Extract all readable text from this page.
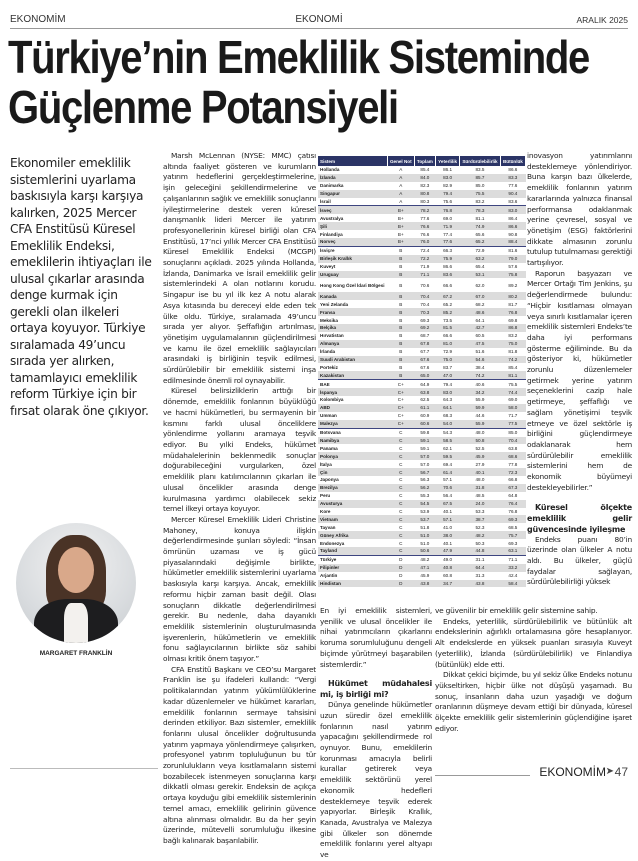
EKONOMİM	EKONOMİ	ARALIK 2025
Türkiye’nin Emeklilik Sisteminde
Güçlenme Potansiyeli
Ekonomiler emeklilik sistemlerini uyarlama baskısıyla karşı karşıya kalırken, 2025 Mercer CFA Enstitüsü Küresel Emeklilik Endeksi, emeklilerin ihtiyaçları ile ulusal çıkarlar arasında denge kurmak için gerekli olan ilkeleri ortaya koyuyor. Türkiye sıralamada 49’uncu sırada yer alırken, tamamlayıcı emeklilik reform Türkiye için bir fırsat olarak öne çıkıyor.
MARGARET FRANKLİN

Marsh McLennan (NYSE: MMC) çatısı altında faaliyet gösteren ve kurumların yatırım hedeflerini gerçekleştirmelerine, işin geleceğini şekillendirmelerine ve çalışanlarının sağlık ve emeklilik sonuçlarını iyileştirmelerine destek veren küresel danışmanlık lideri Mercer ile yatırım profesyonellerinin küresel birliği olan CFA Enstitüsü, 17’nci yıllık Mercer CFA Enstitüsü Küresel Emeklilik Endeksi (MCGPI) sonuçlarını açıkladı. 2025 yılında Hollanda, İzlanda, Danimarka ve İsrail emeklilik gelir sistemlerindeki A olan notlarını korudu. Singapur ise bu yıl ilk kez A notu alarak Asya kıtasında bu dereceyi elde eden tek ülke oldu. Türkiye, sıralamada 49’uncu sırada yer alıyor. Şeffaflığın artırılması, yönetişim uygulamalarının güçlendirilmesi ve kamu ile özel emeklilik sağlayıcıları arasındaki iş birliğinin teşvik edilmesi, sürdürülebilir bir emeklilik sistemi inşa edilmesinde önemli rol oynayabilir.

Küresel belirsizliklerin arttığı bir dönemde, emeklilik fonlarının büyüklüğü ve hacmi hükümetleri, bu sermayenin bir kısmını farklı ulusal önceliklere yönlendirme yollarını aramaya teşvik ediyor. Bu yılki Endeks, hükümet müdahalelerinin beklenmedik sonuçlar doğurabileceğini vurgularken, özel emeklilik planı katılımcılarının çıkarları ile ulusal öncelikler arasında denge kurulmasına yardımcı olabilecek sekiz temel ilkeyi ortaya koyuyor.

Mercer Küresel Emeklilik Lideri Christine Mahoney, konuya ilişkin değerlendirmesinde şunları söyledi: “İnsan ömrünün uzaması ve iş gücü piyasalarındaki değişimle birlikte, hükümetler emeklilik sistemlerini uyarlama baskısıyla karşı karşıya. Ancak, emeklilik reformu hiçbir zaman basit değil. Olası sonuçların dikkatle değerlendirilmesi gerekir. Bu nedenle, daha dayanıklı emeklilik sistemlerinin oluşturulmasında işverenlerin, hükümetlerin ve emeklilik fonu sağlayıcılarının birlikte söz sahibi olması kritik önem taşıyor.”

CFA Enstitü Başkanı ve CEO’su Margaret Franklin ise şu ifadeleri kullandı: “Vergi politikalarından yatırım yükümlülüklerine kadar düzenlemeler ve hükümet kararları, emeklilik fonlarının sermaye tahsisini derinden etkiliyor. Bazı sistemler, emeklilik fonlarını ulusal öncelikler doğrultusunda yatırım yapmaya yönlendirmeye çalışırken, profesyonel yatırım topluluğunun bu tür zorunlulukların veya kısıtlamaların sistemi bozabilecek istenmeyen sonuçlarına karşı dikkatli olması gerekir. Endeksin de açıkça ortaya koyduğu gibi emeklilik sistemlerinin temel amacı, emeklilik gelirinin güvence altına alınması olmalıdır. Bu da her şeyin üzerinde, mütevelli sorumluluğu ilkesine bağlı kalınarak başarılabilir.

Sistem	Genel Not	Toplam	Yeterlilik	Sürdürülebilirlik	Bütünlük
Hollanda	A	85.4	86.1	83.5	86.6
İzlanda	A	84.0	83.0	85.7	83.3
Danimarka	A	82.3	82.9	85.0	77.6
Singapur	A	80.8	79.4	75.5	90.4
İsrail	A	80.3	75.6	83.2	83.6
İsveç	B+	78.2	76.8	78.3	83.0
Avustralya	B+	77.6	69.0	81.1	86.4
Şili	B+	76.6	71.9	74.9	86.6
Finlandiya	B+	76.6	77.4	65.6	90.8
Norveç	B+	76.0	77.6	65.2	88.4
İsviçre	B	72.4	66.3	72.9	81.6
Birleşik Krallık	B	72.2	75.9	63.2	79.0
Kuveyt	B	71.9	86.6	65.4	57.6
Uruguay	B	71.1	83.6	53.1	75.8
Hong Kong Özel İdari Bölgesi	B	70.6	66.6	62.0	89.2
Kanada	B	70.4	67.2	67.0	80.2
Yeni Zelanda	B	70.4	65.2	68.2	81.7
Fransa	B	70.3	85.2	48.6	76.8
Meksika	B	69.3	73.5	64.1	69.8
Belçika	B	69.2	81.5	42.7	86.8
Hırvatistan	B	68.7	66.6	60.5	83.2
Almanya	B	67.8	81.0	47.5	75.0
İrlanda	B	67.7	72.9	51.6	81.8
Suudi Arabistan	B	67.6	75.0	54.6	74.2
Portekiz	B	67.6	83.7	38.4	85.4
Kazakistan	B	65.0	47.0	74.2	81.1
BAE	C+	64.9	79.4	40.6	75.5
İspanya	C+	63.8	83.0	34.2	74.4
Kolombiya	C+	62.5	64.3	55.9	69.0
ABD	C+	61.1	64.1	59.9	58.0
Umman	C+	60.9	68.3	44.6	71.7
Malezya	C+	60.6	54.0	55.9	77.5
Botsvana	C	59.8	54.3	48.0	85.0
Namibya	C	59.1	58.5	50.8	70.4
Panama	C	59.1	62.1	52.5	63.8
Polonya	C	57.0	59.5	45.9	68.6
İtalya	C	57.0	69.4	27.9	77.8
Çin	C	56.7	61.4	40.1	72.3
Japonya	C	56.3	57.1	48.0	66.8
Brezilya	C	56.2	70.6	31.8	67.3
Peru	C	55.3	56.4	48.5	64.8
Avusturya	C	54.5	67.5	24.0	76.4
Kore	C	53.9	40.1	53.3	76.8
Vietnam	C	53.7	57.1	38.7	69.3
Tayvan	C	51.8	41.0	52.3	68.5
Güney Afrika	C	51.0	38.0	48.2	75.7
Endonezya	C	51.0	40.1	50.3	69.3
Tayland	C	50.6	47.9	44.8	63.1
Türkiye	D	48.2	49.0	31.1	71.1
Filipinler	D	47.1	40.8	64.4	33.2
Arjantin	D	45.9	60.8	31.3	42.4
Hindistan	D	43.8	34.7	43.8	58.4

En iyi emeklilik sistemleri, yenilik ve ulusal öncelikler ile nihai yatırımcıların çıkarlarını koruma sorumluluğunu dengeli biçimde yürütmeyi başarabilen sistemlerdir.”

Hükümet müdahalesi mi, iş birliği mi?

Dünya genelinde hükümetler uzun süredir özel emeklilik fonlarının nasıl yatırım yapacağını şekillendirmede rol oynuyor. Bunu, emeklilerin korunması amacıyla belirli kurallar getirerek veya emeklilik sektörünü yerel ekonomik hedefleri desteklemeye teşvik ederek yapıyorlar. Birleşik Krallık, Kanada, Avustralya ve Malezya gibi ülkeler son dönemde emeklilik fonlarını yerel altyapı ve

inovasyon yatırımlarını desteklemeye yönlendiriyor. Buna karşın bazı ülkelerde, emeklilik fonlarının yatırım kararlarında yalnızca finansal performansa odaklanmak yerine çevresel, sosyal ve yönetişim (ESG) faktörlerini dikkate almasının zorunlu tutulup tutulmaması gerektiği tartışılıyor.

Raporun başyazarı ve Mercer Ortağı Tim Jenkins, şu değerlendirmede bulundu: “Hiçbir kısıtlaması olmayan veya sınırlı kısıtlamalar içeren emeklilik sistemleri Endeks’te daha iyi performans gösterme eğiliminde. Bu da gösteriyor ki, hükümetler zorunlu düzenlemeler getirmek yerine yatırım seçeneklerini cazip hale getirmeye, şeffaflığı ve sağlam yönetişimi teşvik etmeye ve özel sektörle iş birliğini güçlendirmeye odaklanarak hem sürdürülebilir emeklilik sistemlerini hem de ekonomik büyümeyi destekleyebilirler.”

Küresel ölçekte emeklilik gelir güvencesinde iyileşme

Endeks puanı 80’in üzerinde olan ülkeler A notu aldı. Bu ülkeler, güçlü faydalar sağlayan, sürdürülebilirliği yüksek

ve güvenilir bir emeklilik gelir sistemine sahip.

Endeks, yeterlilik, sürdürülebilirlik ve bütünlük alt endekslerinin ağırlıklı ortalamasına göre hesaplanıyor. Alt endekslerde en yüksek puanları sırasıyla Kuveyt (yeterlilik), İzlanda (sürdürülebilirlik) ve Finlandiya (bütünlük) elde etti.

Dikkat çekici biçimde, bu yıl sekiz ülke Endeks notunu yükseltirken, hiçbir ülke not düşüşü yaşamadı. Bu sonuç, insanların daha uzun yaşadığı ve doğum oranlarının düşmeye devam ettiği bir dünyada, küresel ölçekte emeklilik gelir sistemlerinin güçlendiğine işaret ediyor.

EKONOMİM ➤ 47
